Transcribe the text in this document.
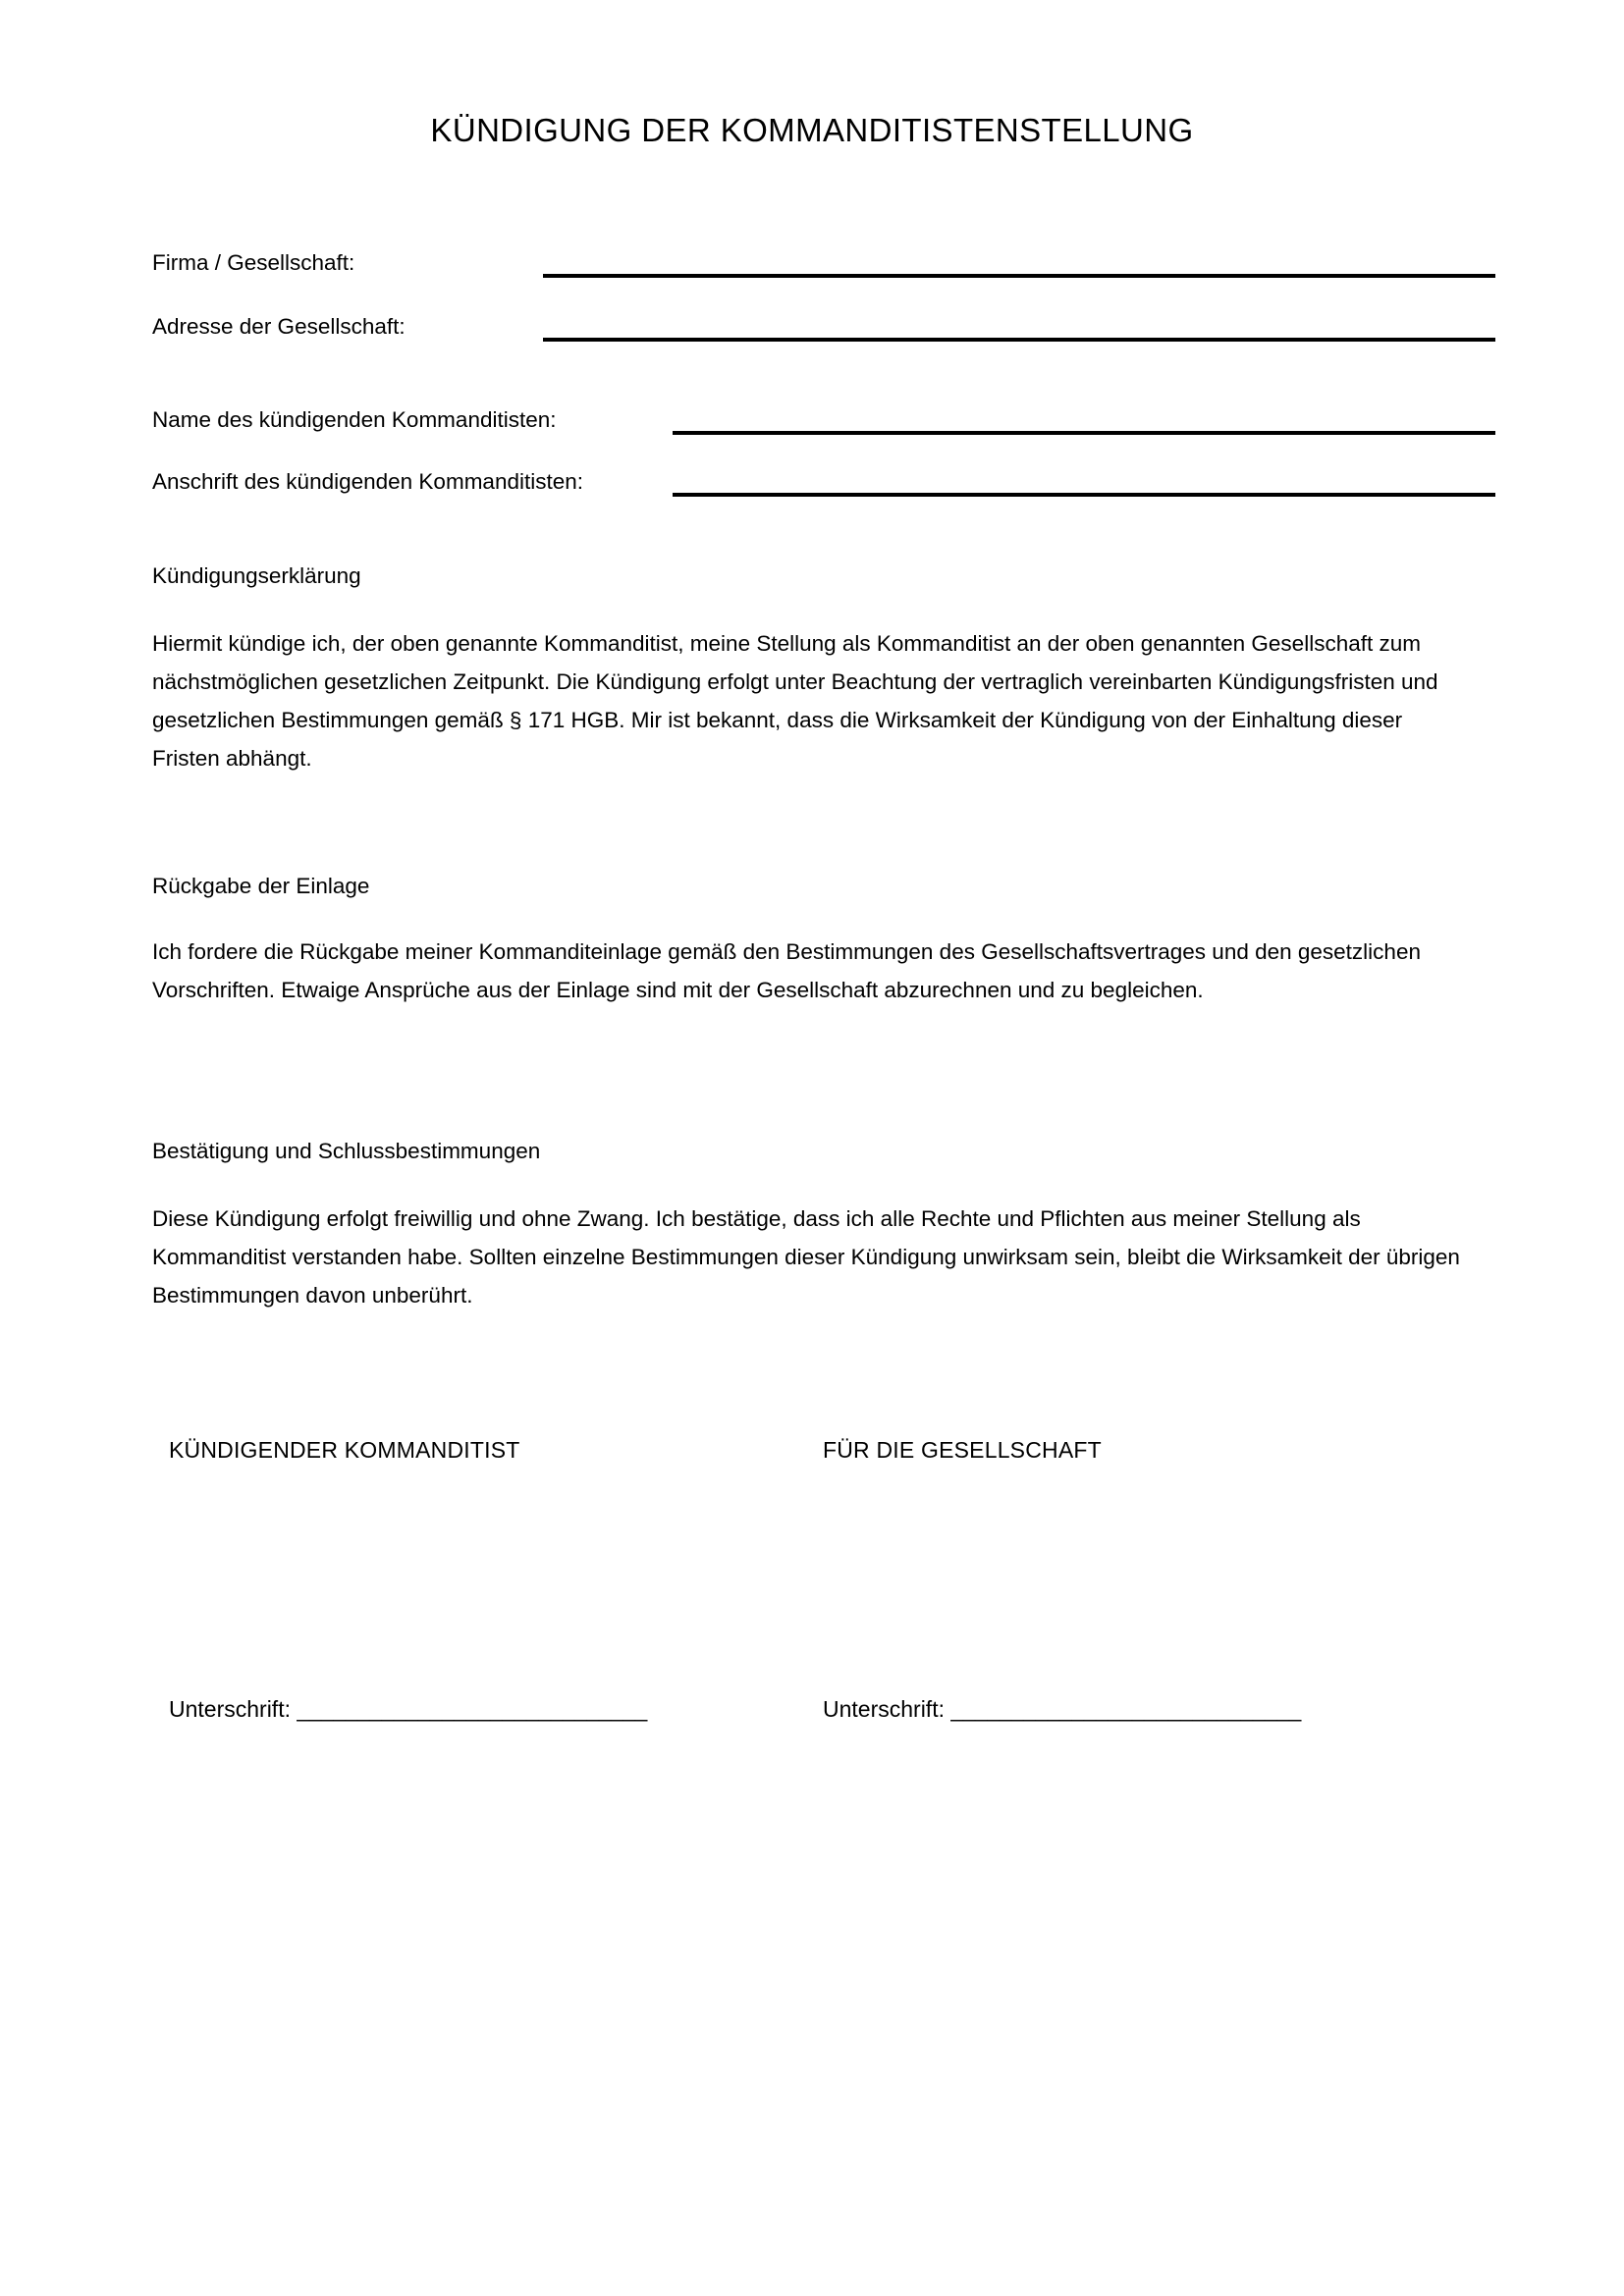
KÜNDIGUNG DER KOMMANDITISTENSTELLUNG
Firma / Gesellschaft:
Adresse der Gesellschaft:
Name des kündigenden Kommanditisten:
Anschrift des kündigenden Kommanditisten:
Kündigungserklärung
Hiermit kündige ich, der oben genannte Kommanditist, meine Stellung als Kommanditist an der oben genannten Gesellschaft zum nächstmöglichen gesetzlichen Zeitpunkt. Die Kündigung erfolgt unter Beachtung der vertraglich vereinbarten Kündigungsfristen und gesetzlichen Bestimmungen gemäß § 171 HGB. Mir ist bekannt, dass die Wirksamkeit der Kündigung von der Einhaltung dieser Fristen abhängt.
Rückgabe der Einlage
Ich fordere die Rückgabe meiner Kommanditeinlage gemäß den Bestimmungen des Gesellschaftsvertrages und den gesetzlichen Vorschriften. Etwaige Ansprüche aus der Einlage sind mit der Gesellschaft abzurechnen und zu begleichen.
Bestätigung und Schlussbestimmungen
Diese Kündigung erfolgt freiwillig und ohne Zwang. Ich bestätige, dass ich alle Rechte und Pflichten aus meiner Stellung als Kommanditist verstanden habe. Sollten einzelne Bestimmungen dieser Kündigung unwirksam sein, bleibt die Wirksamkeit der übrigen Bestimmungen davon unberührt.
KÜNDIGENDER KOMMANDITIST	FÜR DIE GESELLSCHAFT
Unterschrift: _____________________________	Unterschrift: _____________________________
